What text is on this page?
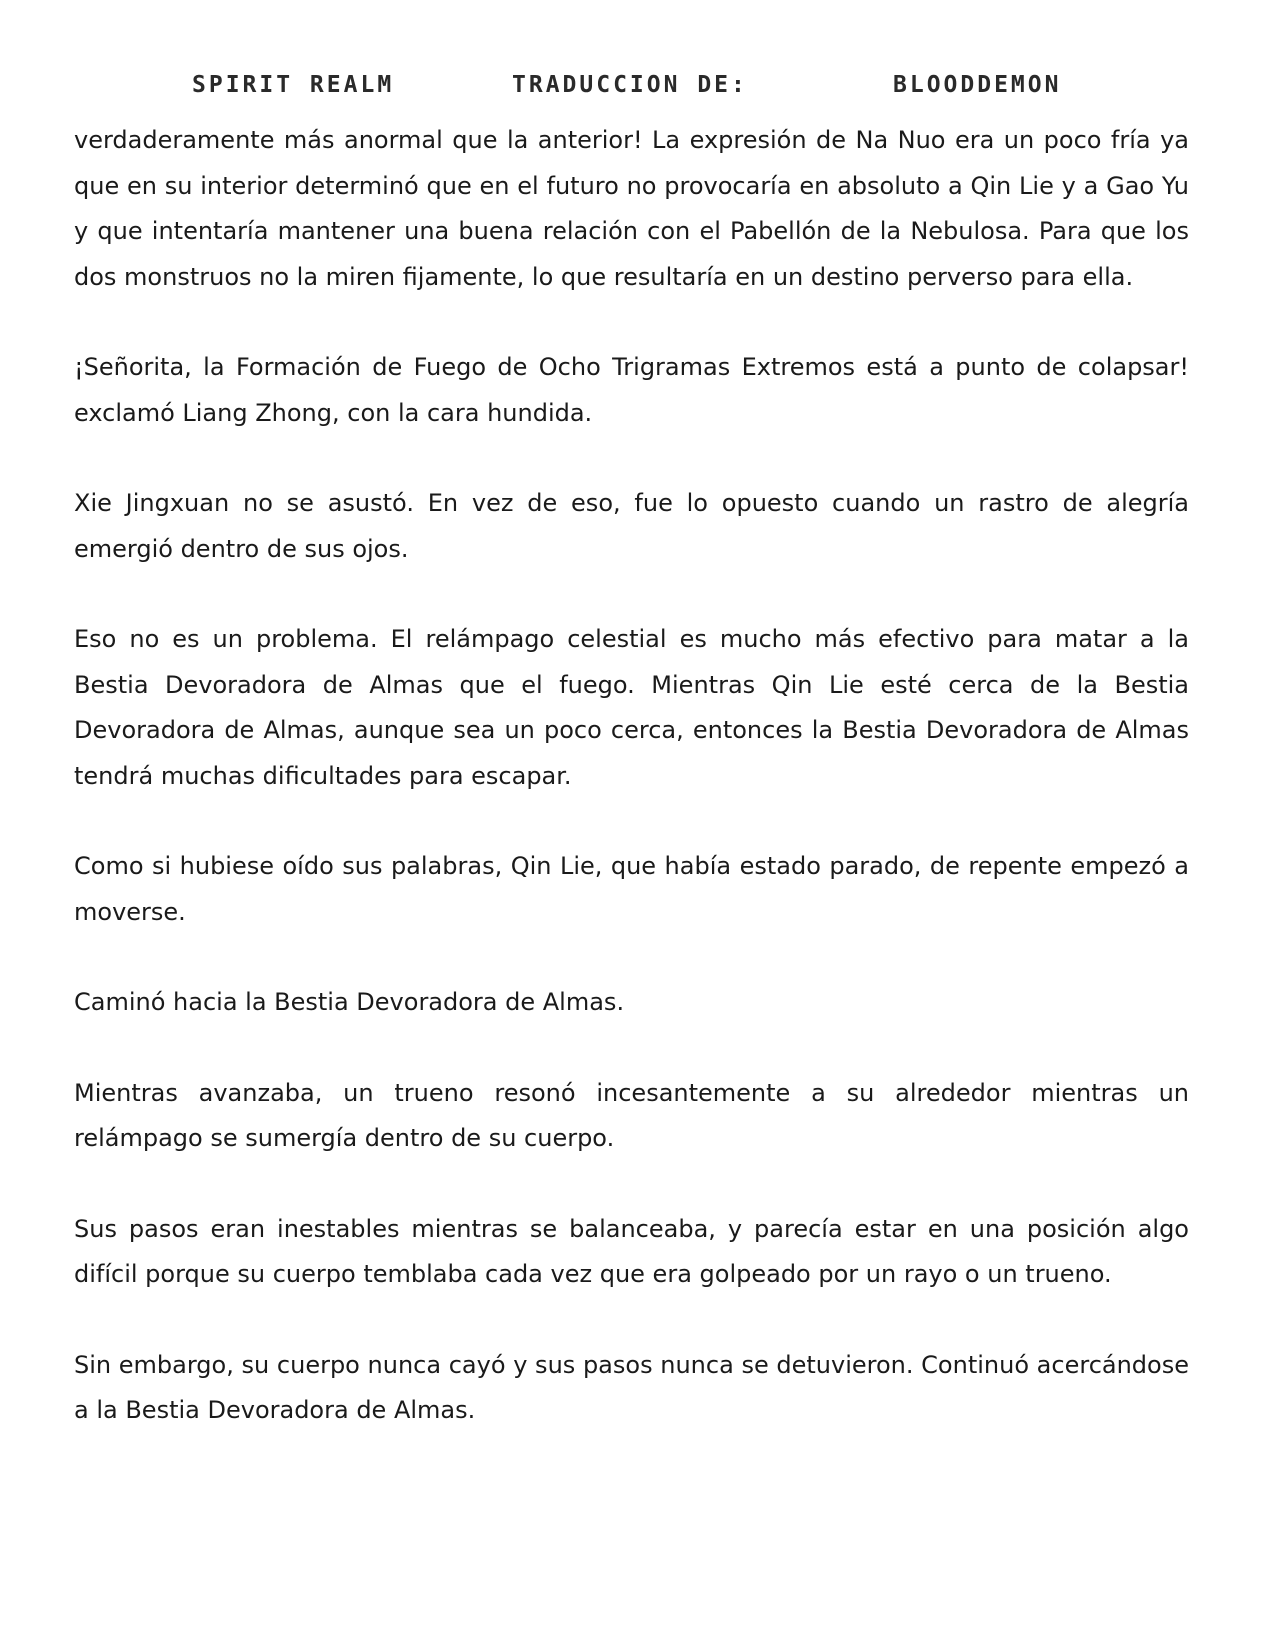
SPIRIT REALM	TRADUCCION DE:	BLOODDEMON

verdaderamente más anormal que la anterior! La expresión de Na Nuo era un poco fría ya que en su interior determinó que en el futuro no provocaría en absoluto a Qin Lie y a Gao Yu y que intentaría mantener una buena relación con el Pabellón de la Nebulosa. Para que los dos monstruos no la miren fijamente, lo que resultaría en un destino perverso para ella.

¡Señorita, la Formación de Fuego de Ocho Trigramas Extremos está a punto de colapsar! exclamó Liang Zhong, con la cara hundida.

Xie Jingxuan no se asustó. En vez de eso, fue lo opuesto cuando un rastro de alegría emergió dentro de sus ojos.

Eso no es un problema. El relámpago celestial es mucho más efectivo para matar a la Bestia Devoradora de Almas que el fuego. Mientras Qin Lie esté cerca de la Bestia Devoradora de Almas, aunque sea un poco cerca, entonces la Bestia Devoradora de Almas tendrá muchas dificultades para escapar.

Como si hubiese oído sus palabras, Qin Lie, que había estado parado, de repente empezó a moverse.

Caminó hacia la Bestia Devoradora de Almas.

Mientras avanzaba, un trueno resonó incesantemente a su alrededor mientras un relámpago se sumergía dentro de su cuerpo.

Sus pasos eran inestables mientras se balanceaba, y parecía estar en una posición algo difícil porque su cuerpo temblaba cada vez que era golpeado por un rayo o un trueno.

Sin embargo, su cuerpo nunca cayó y sus pasos nunca se detuvieron. Continuó acercándose a la Bestia Devoradora de Almas.
